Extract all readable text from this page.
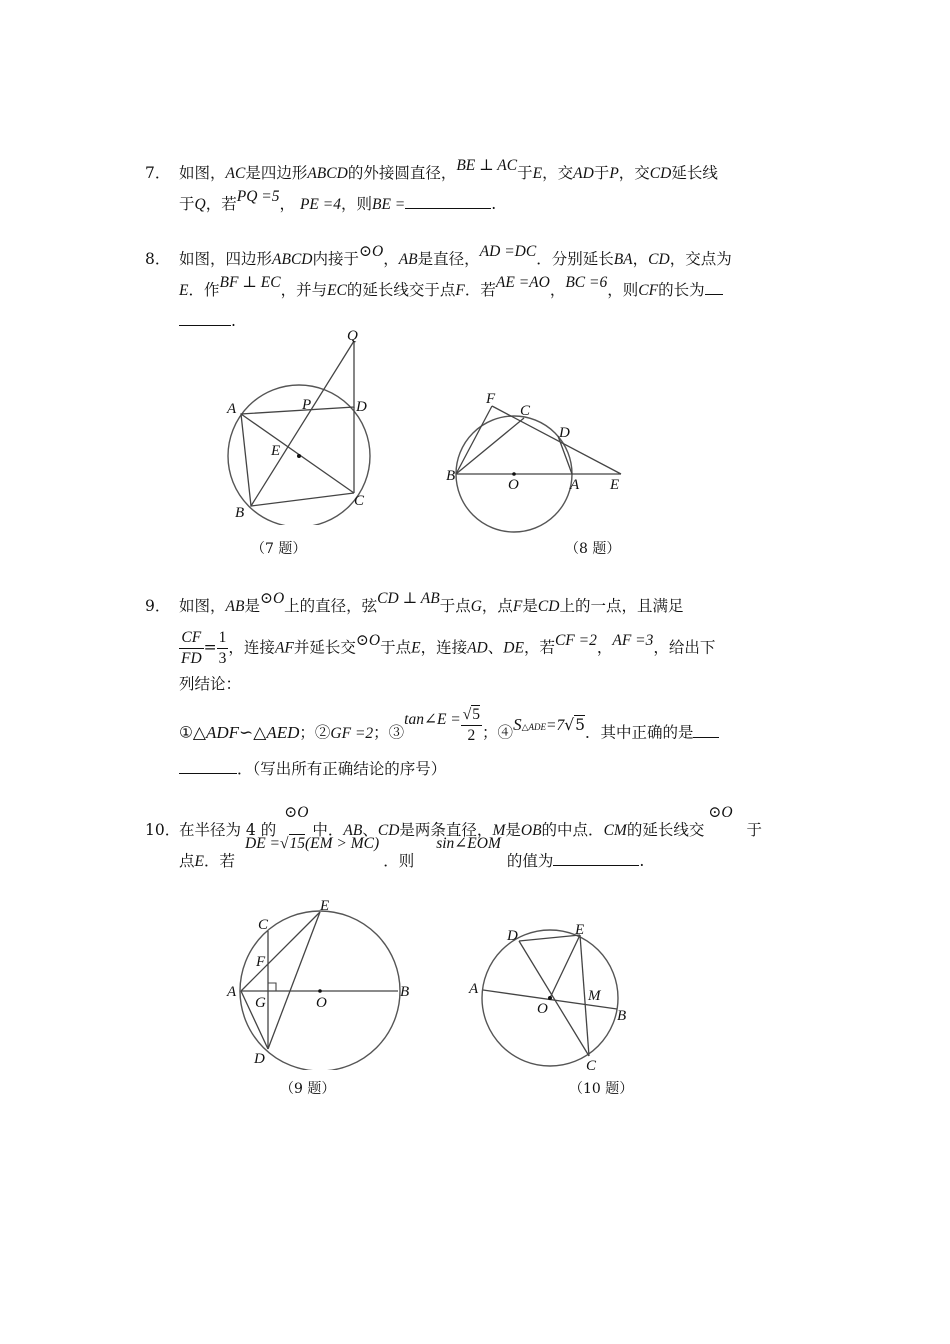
7． 如图，AC是四边形ABCD的外接圆直径，BE ⊥ AC于E，交AD于P，交CD延长线
于Q，若PQ =5， PE =4，则BE =	.
8． 如图，四边形ABCD内接于⊙O，AB是直径，AD =DC．分别延长BA，CD，交点为
E．作BF ⊥ EC，并与EC的延长线交于点F．若AE =AO，BC =6，则CF的长为
.
Q
A	P	D
E
B
C
（7 题）
F
C
D
B
O	A E
（8 题）
9． 如图，AB是⊙O上的直径，弦CD ⊥ AB于点G，点F是CD上的一点，且满足
$\frac{CF}{FD} = \frac{1}{3}$ ，连接AF并延长交⊙O于点E，连接AD、DE，若CF =2，AF =3，给出下
列结论：
①△ADF∽△AED；②GF =2；③tan∠E = $\frac{√5}{2}$ ；$④S^{\triangle ADE}=7√5$．其中正确的是
．（写出所有正确结论的序号）
10．
在半径为 4 的⊙O中．AB、CD是两条直径，M是OB的中点．CM的延长线交⊙O于
点E．若DE =√15(EM > MC)．则sin∠EOM的值为	.
C
E
F
A
G	O
B
D
（9 题）
D	E
A
O
M
B
C
（10 题）
